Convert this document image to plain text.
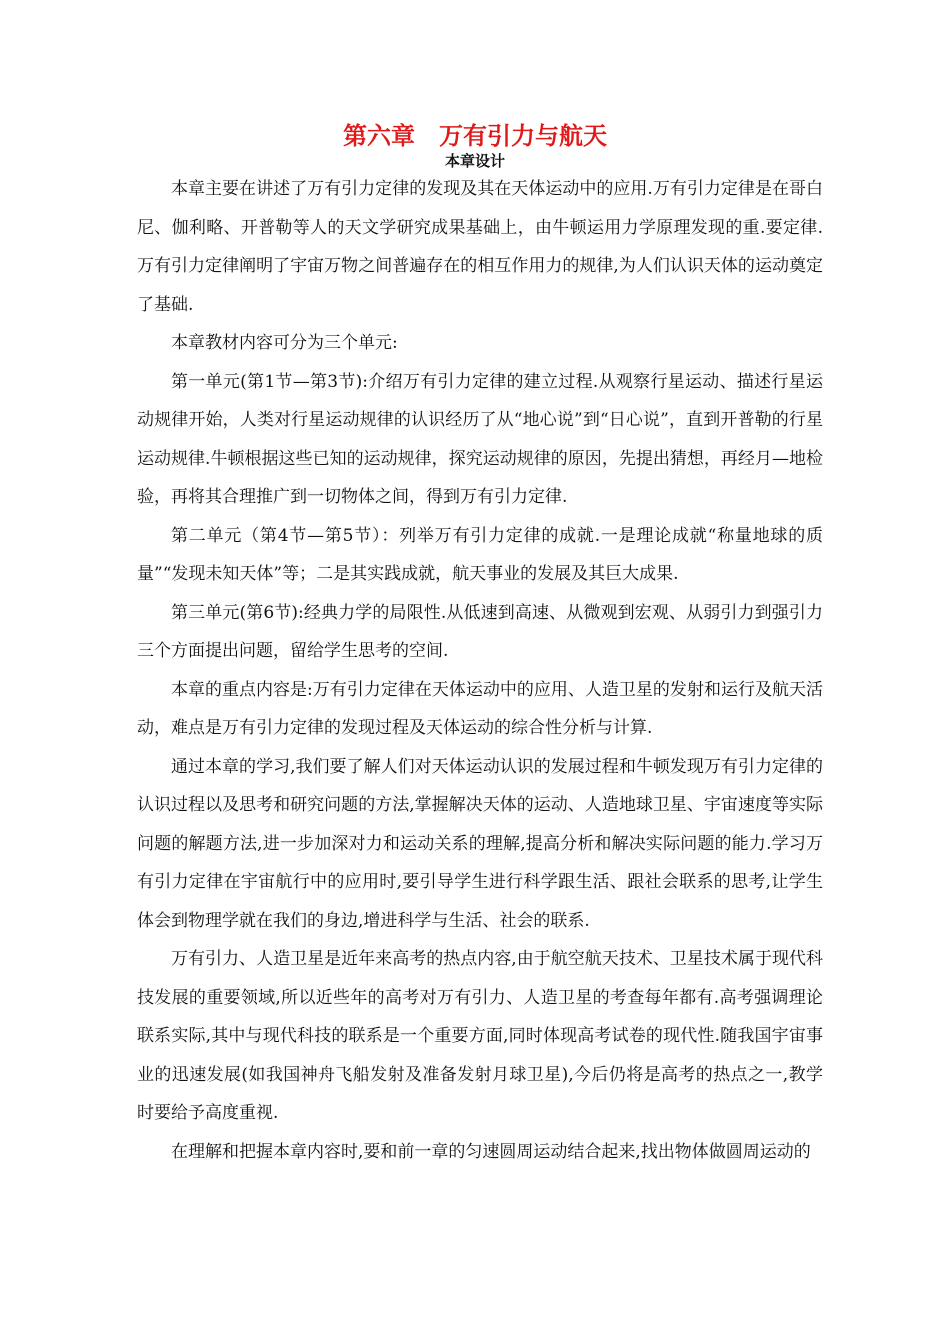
第六章　万有引力与航天
本章设计

本章主要在讲述了万有引力定律的发现及其在天体运动中的应用.万有引力定律是在哥白尼、伽利略、开普勒等人的天文学研究成果基础上，由牛顿运用力学原理发现的重.要定律.万有引力定律阐明了宇宙万物之间普遍存在的相互作用力的规律,为人们认识天体的运动奠定了基础.

本章教材内容可分为三个单元:

第一单元(第1节—第3节):介绍万有引力定律的建立过程.从观察行星运动、描述行星运动规律开始，人类对行星运动规律的认识经历了从“地心说”到“日心说”，直到开普勒的行星运动规律.牛顿根据这些已知的运动规律，探究运动规律的原因，先提出猜想，再经月—地检验，再将其合理推广到一切物体之间，得到万有引力定律.

第二单元（第4节—第5节）：列举万有引力定律的成就.一是理论成就“称量地球的质量”“发现未知天体”等；二是其实践成就，航天事业的发展及其巨大成果.

第三单元(第6节):经典力学的局限性.从低速到高速、从微观到宏观、从弱引力到强引力三个方面提出问题，留给学生思考的空间.

本章的重点内容是:万有引力定律在天体运动中的应用、人造卫星的发射和运行及航天活动，难点是万有引力定律的发现过程及天体运动的综合性分析与计算.

通过本章的学习,我们要了解人们对天体运动认识的发展过程和牛顿发现万有引力定律的认识过程以及思考和研究问题的方法,掌握解决天体的运动、人造地球卫星、宇宙速度等实际问题的解题方法,进一步加深对力和运动关系的理解,提高分析和解决实际问题的能力.学习万有引力定律在宇宙航行中的应用时,要引导学生进行科学跟生活、跟社会联系的思考,让学生体会到物理学就在我们的身边,增进科学与生活、社会的联系.

万有引力、人造卫星是近年来高考的热点内容,由于航空航天技术、卫星技术属于现代科技发展的重要领域,所以近些年的高考对万有引力、人造卫星的考查每年都有.高考强调理论联系实际,其中与现代科技的联系是一个重要方面,同时体现高考试卷的现代性.随我国宇宙事业的迅速发展(如我国神舟飞船发射及准备发射月球卫星),今后仍将是高考的热点之一,教学时要给予高度重视.

在理解和把握本章内容时,要和前一章的匀速圆周运动结合起来,找出物体做圆周运动的
